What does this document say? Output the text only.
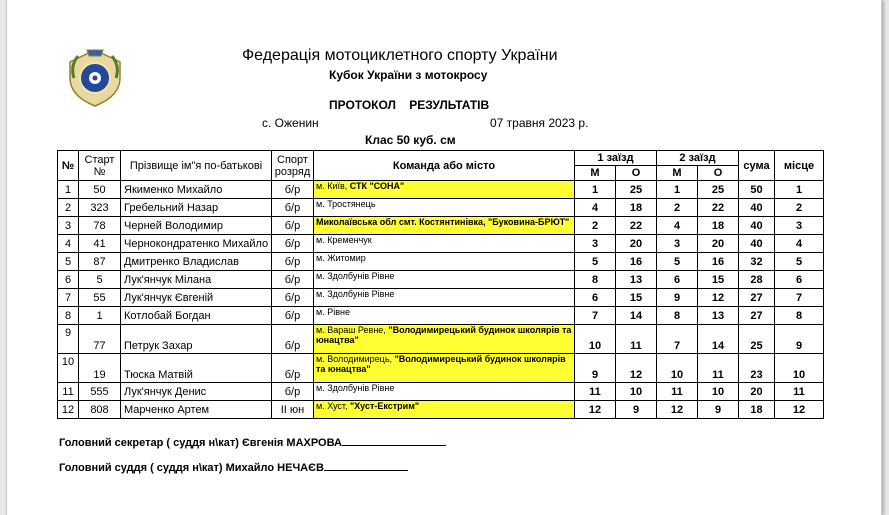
Федерація мотоциклетного спорту України
Кубок України з мотокросу
ПРОТОКОЛ РЕЗУЛЬТАТІВ
с. Оженин	07 травня 2023 р.
Клас 50 куб. см
№	Старт №	Прізвище ім"я по-батькові	Спорт розряд	Команда або місто	1 заїзд		2 заїзд		сума	місце
					М	О	М	О		
1	50	Якименко Михайло	б/р	м. Київ, СТК "СОНА"	1	25	1	25	50	1
2	323	Гребельний Назар	б/р	м. Тростянець	4	18	2	22	40	2
3	78	Черней Володимир	б/р	Миколаївська обл смт. Костянтинівка, "Буковина-БРЮТ"	2	22	4	18	40	3
4	41	Чернокондратенко Михайло	б/р	м. Кременчук	3	20	3	20	40	4
5	87	Дмитренко Владислав	б/р	м. Житомир	5	16	5	16	32	5
6	5	Лук'янчук Мілана	б/р	м. Здолбунів Рівне	8	13	6	15	28	6
7	55	Лук'янчук Євгеній	б/р	м. Здолбунів Рівне	6	15	9	12	27	7
8	1	Котлобай Богдан	б/р	м. Рівне	7	14	8	13	27	8
9	77	Петрук Захар	б/р	м. Вараш Ревне, "Володимирецький будинок школярів та юнацтва"	10	11	7	14	25	9
10	19	Тюска Матвій	б/р	м. Володимирець, "Володимирецький будинок школярів та юнацтва"	9	12	10	11	23	10
11	555	Лук'янчук Денис	б/р	м. Здолбунів Рівне	11	10	11	10	20	11
12	808	Марченко Артем	ІІ юн	м. Хуст, "Хуст-Екстрим"	12	9	12	9	18	12
Головний секретар ( суддя н\кат) Євгенія МАХРОВА
Головний суддя ( суддя н\кат) Михайло НЕЧАЄВ
